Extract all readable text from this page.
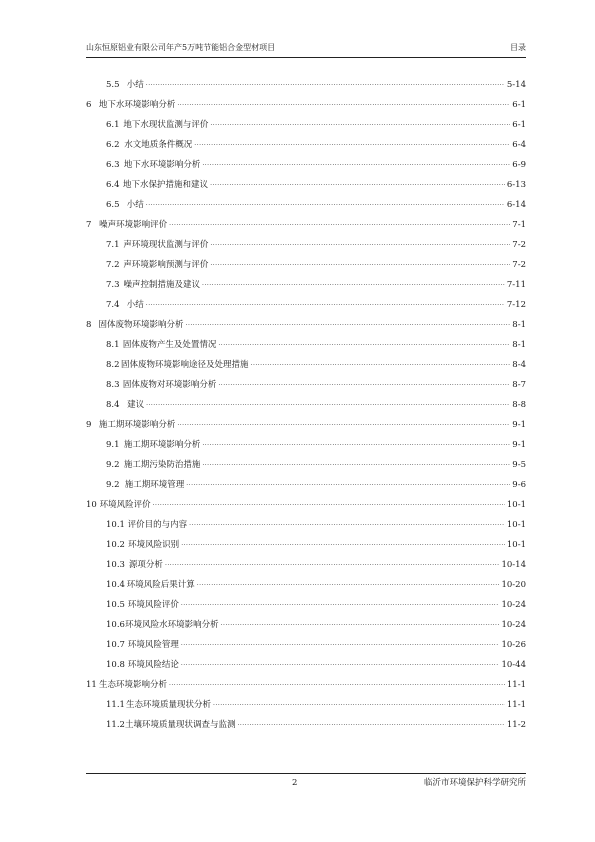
山东恒原铝业有限公司年产5万吨节能铝合金型材项目	目录
5.5 小结 ·····	5-14
6 地下水环境影响分析 ·····	6-1
6.1 地下水现状监测与评价 ·····	6-1
6.2 水文地质条件概况 ·····	6-4
6.3 地下水环境影响分析 ·····	6-9
6.4 地下水保护措施和建议 ·····	6-13
6.5 小结 ·····	6-14
7 噪声环境影响评价 ·····	7-1
7.1 声环境现状监测与评价 ·····	7-2
7.2 声环境影响预测与评价 ·····	7-2
7.3 噪声控制措施及建议 ·····	7-11
7.4 小结 ·····	7-12
8 固体废物环境影响分析 ·····	8-1
8.1 固体废物产生及处置情况 ·····	8-1
8.2 固体废物环境影响途径及处理措施 ·····	8-4
8.3 固体废物对环境影响分析 ·····	8-7
8.4 建议 ·····	8-8
9 施工期环境影响分析 ·····	9-1
9.1 施工期环境影响分析 ·····	9-1
9.2 施工期污染防治措施 ·····	9-5
9.2 施工期环境管理 ·····	9-6
10 环境风险评价 ·····	10-1
10.1 评价目的与内容 ·····	10-1
10.2 环境风险识别 ·····	10-1
10.3 源项分析 ·····	10-14
10.4 环境风险后果计算 ·····	10-20
10.5 环境风险评价 ·····	10-24
10.6 环境风险水环境影响分析 ·····	10-24
10.7 环境风险管理 ·····	10-26
10.8 环境风险结论 ·····	10-44
11 生态环境影响分析 ·····	11-1
11.1 生态环境质量现状分析 ·····	11-1
11.2 土壤环境质量现状调查与监测 ·····	11-2
2	临沂市环境保护科学研究所
